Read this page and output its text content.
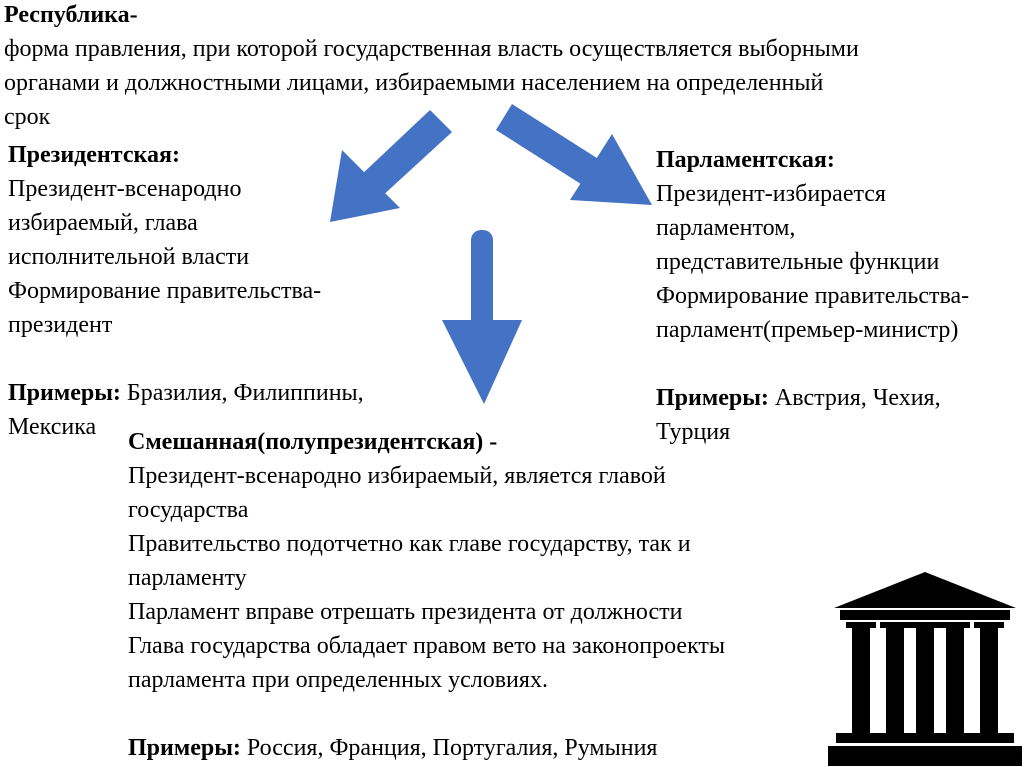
Республика-
форма правления, при которой государственная власть осуществляется выборными
органами и должностными лицами, избираемыми населением на определенный
срок
Президентская:
Президент-всенародно
избираемый, глава
исполнительной власти
Формирование правительства-
президент
Примеры: Бразилия, Филиппины,
Мексика
Парламентская:
Президент-избирается
парламентом,
представительные функции
Формирование правительства-
парламент(премьер-министр)
Примеры: Австрия, Чехия,
Турция
Смешанная(полупрезидентская) -
Президент-всенародно избираемый, является главой
государства
Правительство подотчетно как главе государству, так и
парламенту
Парламент вправе отрешать президента от должности
Глава государства обладает правом вето на законопроекты
парламента при определенных условиях.
Примеры: Россия, Франция, Португалия, Румыния
